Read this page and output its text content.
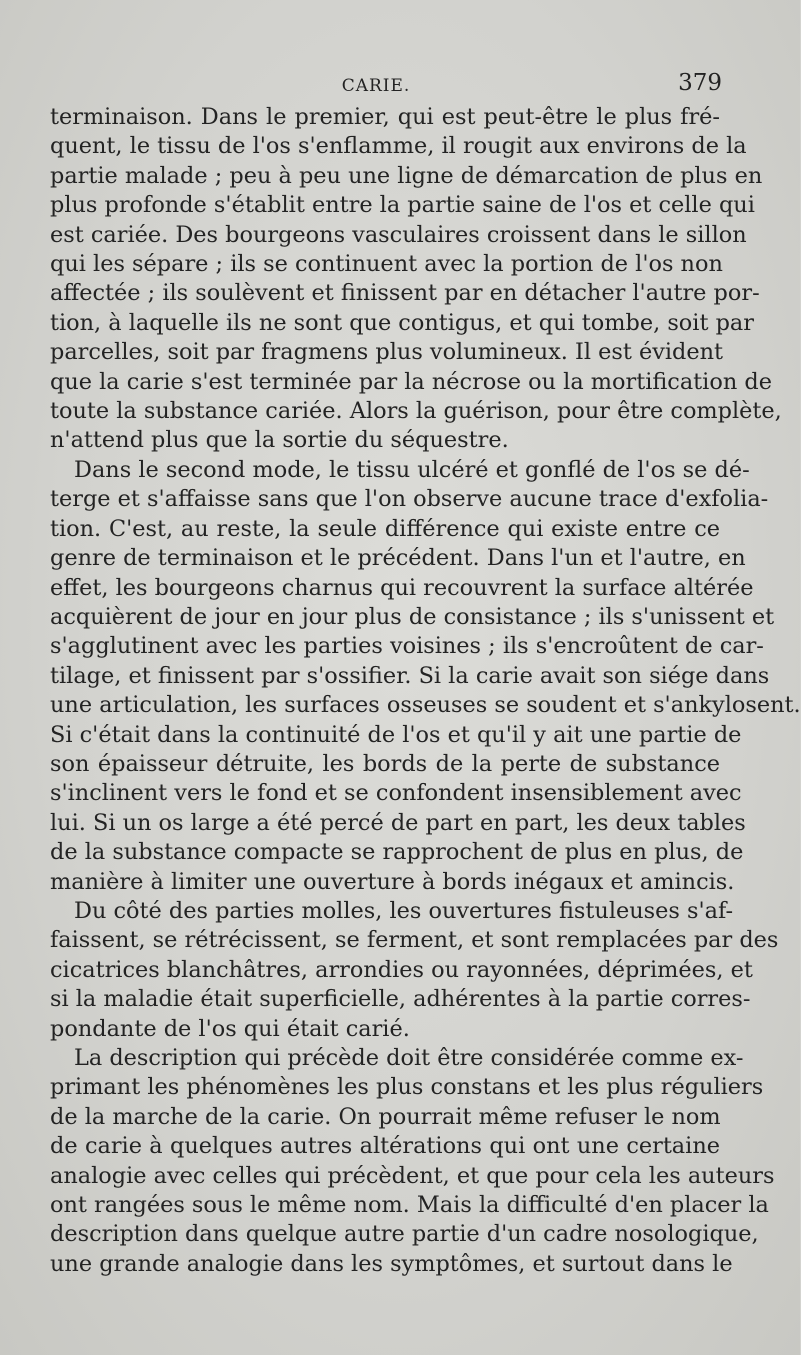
CARIE.	379

terminaison. Dans le premier, qui est peut-être le plus fré-
quent, le tissu de l'os s'enflamme, il rougit aux environs de la
partie malade ; peu à peu une ligne de démarcation de plus en
plus profonde s'établit entre la partie saine de l'os et celle qui
est cariée. Des bourgeons vasculaires croissent dans le sillon
qui les sépare ; ils se continuent avec la portion de l'os non
affectée ; ils soulèvent et finissent par en détacher l'autre por-
tion, à laquelle ils ne sont que contigus, et qui tombe, soit par
parcelles, soit par fragmens plus volumineux. Il est évident
que la carie s'est terminée par la nécrose ou la mortification de
toute la substance cariée. Alors la guérison, pour être complète,
n'attend plus que la sortie du séquestre.

Dans le second mode, le tissu ulcéré et gonflé de l'os se dé-
terge et s'affaisse sans que l'on observe aucune trace d'exfolia-
tion. C'est, au reste, la seule différence qui existe entre ce
genre de terminaison et le précédent. Dans l'un et l'autre, en
effet, les bourgeons charnus qui recouvrent la surface altérée
acquièrent de jour en jour plus de consistance ; ils s'unissent et
s'agglutinent avec les parties voisines ; ils s'encroûtent de car-
tilage, et finissent par s'ossifier. Si la carie avait son siége dans
une articulation, les surfaces osseuses se soudent et s'ankylosent.
Si c'était dans la continuité de l'os et qu'il y ait une partie de
son épaisseur détruite, les bords de la perte de substance
s'inclinent vers le fond et se confondent insensiblement avec
lui. Si un os large a été percé de part en part, les deux tables
de la substance compacte se rapprochent de plus en plus, de
manière à limiter une ouverture à bords inégaux et amincis.

Du côté des parties molles, les ouvertures fistuleuses s'af-
faissent, se rétrécissent, se ferment, et sont remplacées par des
cicatrices blanchâtres, arrondies ou rayonnées, déprimées, et
si la maladie était superficielle, adhérentes à la partie corres-
pondante de l'os qui était carié.

La description qui précède doit être considérée comme ex-
primant les phénomènes les plus constans et les plus réguliers
de la marche de la carie. On pourrait même refuser le nom
de carie à quelques autres altérations qui ont une certaine
analogie avec celles qui précèdent, et que pour cela les auteurs
ont rangées sous le même nom. Mais la difficulté d'en placer la
description dans quelque autre partie d'un cadre nosologique,
une grande analogie dans les symptômes, et surtout dans le
